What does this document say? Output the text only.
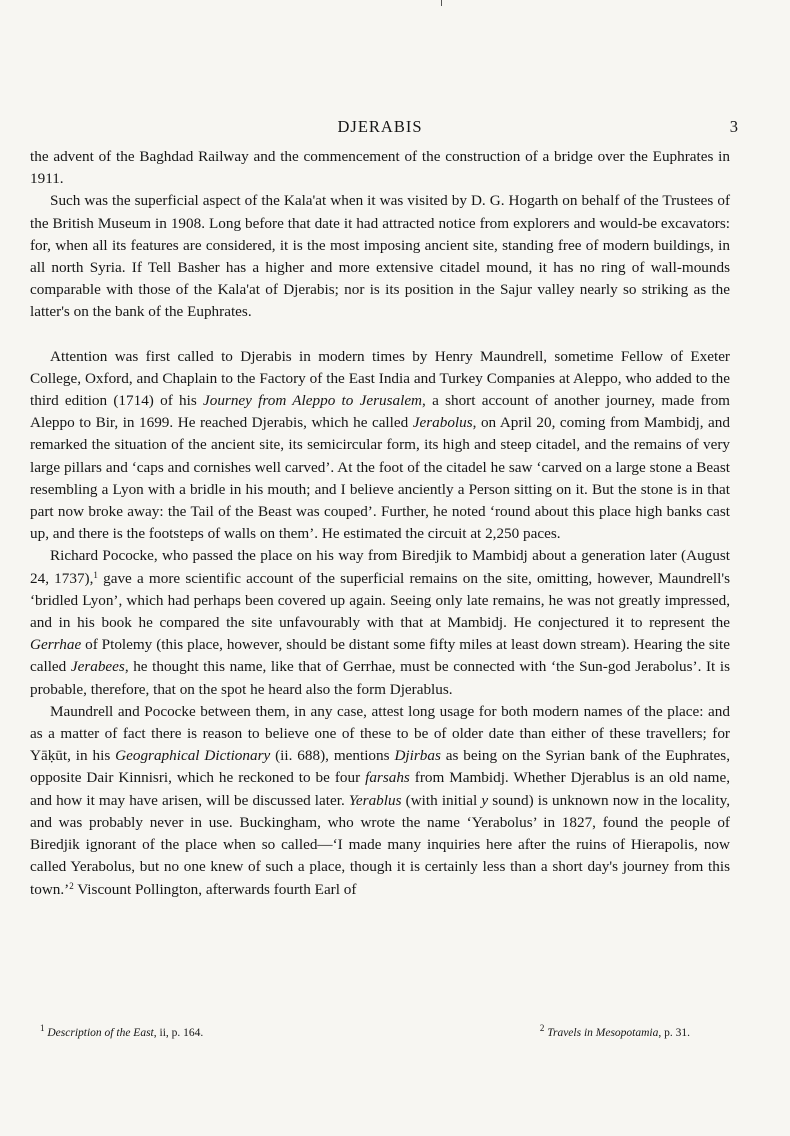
DJERABIS	3

the advent of the Baghdad Railway and the commencement of the construction of a bridge over the Euphrates in 1911.

Such was the superficial aspect of the Kala'at when it was visited by D. G. Hogarth on behalf of the Trustees of the British Museum in 1908. Long before that date it had attracted notice from explorers and would-be excavators: for, when all its features are considered, it is the most imposing ancient site, standing free of modern buildings, in all north Syria. If Tell Basher has a higher and more extensive citadel mound, it has no ring of wall-mounds comparable with those of the Kala'at of Djerabis; nor is its position in the Sajur valley nearly so striking as the latter's on the bank of the Euphrates.

Attention was first called to Djerabis in modern times by Henry Maundrell, sometime Fellow of Exeter College, Oxford, and Chaplain to the Factory of the East India and Turkey Companies at Aleppo, who added to the third edition (1714) of his Journey from Aleppo to Jerusalem, a short account of another journey, made from Aleppo to Bir, in 1699. He reached Djerabis, which he called Jerabolus, on April 20, coming from Mambidj, and remarked the situation of the ancient site, its semicircular form, its high and steep citadel, and the remains of very large pillars and ‘caps and cornishes well carved’. At the foot of the citadel he saw ‘carved on a large stone a Beast resembling a Lyon with a bridle in his mouth; and I believe anciently a Person sitting on it. But the stone is in that part now broke away: the Tail of the Beast was couped’. Further, he noted ‘round about this place high banks cast up, and there is the footsteps of walls on them’. He estimated the circuit at 2,250 paces.

Richard Pococke, who passed the place on his way from Biredjik to Mambidj about a generation later (August 24, 1737),$^1$ gave a more scientific account of the superficial remains on the site, omitting, however, Maundrell's ‘bridled Lyon’, which had perhaps been covered up again. Seeing only late remains, he was not greatly impressed, and in his book he compared the site unfavourably with that at Mambidj. He conjectured it to represent the Gerrhae of Ptolemy (this place, however, should be distant some fifty miles at least down stream). Hearing the site called Jerabees, he thought this name, like that of Gerrhae, must be connected with ‘the Sun-god Jerabolus’. It is probable, therefore, that on the spot he heard also the form Djerablus.

Maundrell and Pococke between them, in any case, attest long usage for both modern names of the place: and as a matter of fact there is reason to believe one of these to be of older date than either of these travellers; for Yāḳūt, in his Geographical Dictionary (ii. 688), mentions Djirbas as being on the Syrian bank of the Euphrates, opposite Dair Kinnisri, which he reckoned to be four farsahs from Mambidj. Whether Djerablus is an old name, and how it may have arisen, will be discussed later. Yerablus (with initial y sound) is unknown now in the locality, and was probably never in use. Buckingham, who wrote the name ‘Yerabolus’ in 1827, found the people of Biredjik ignorant of the place when so called—‘I made many inquiries here after the ruins of Hierapolis, now called Yerabolus, but no one knew of such a place, though it is certainly less than a short day's journey from this town.’$^2$ Viscount Pollington, afterwards fourth Earl of

$^1$ Description of the East, ii, p. 164.	$^2$ Travels in Mesopotamia, p. 31.
